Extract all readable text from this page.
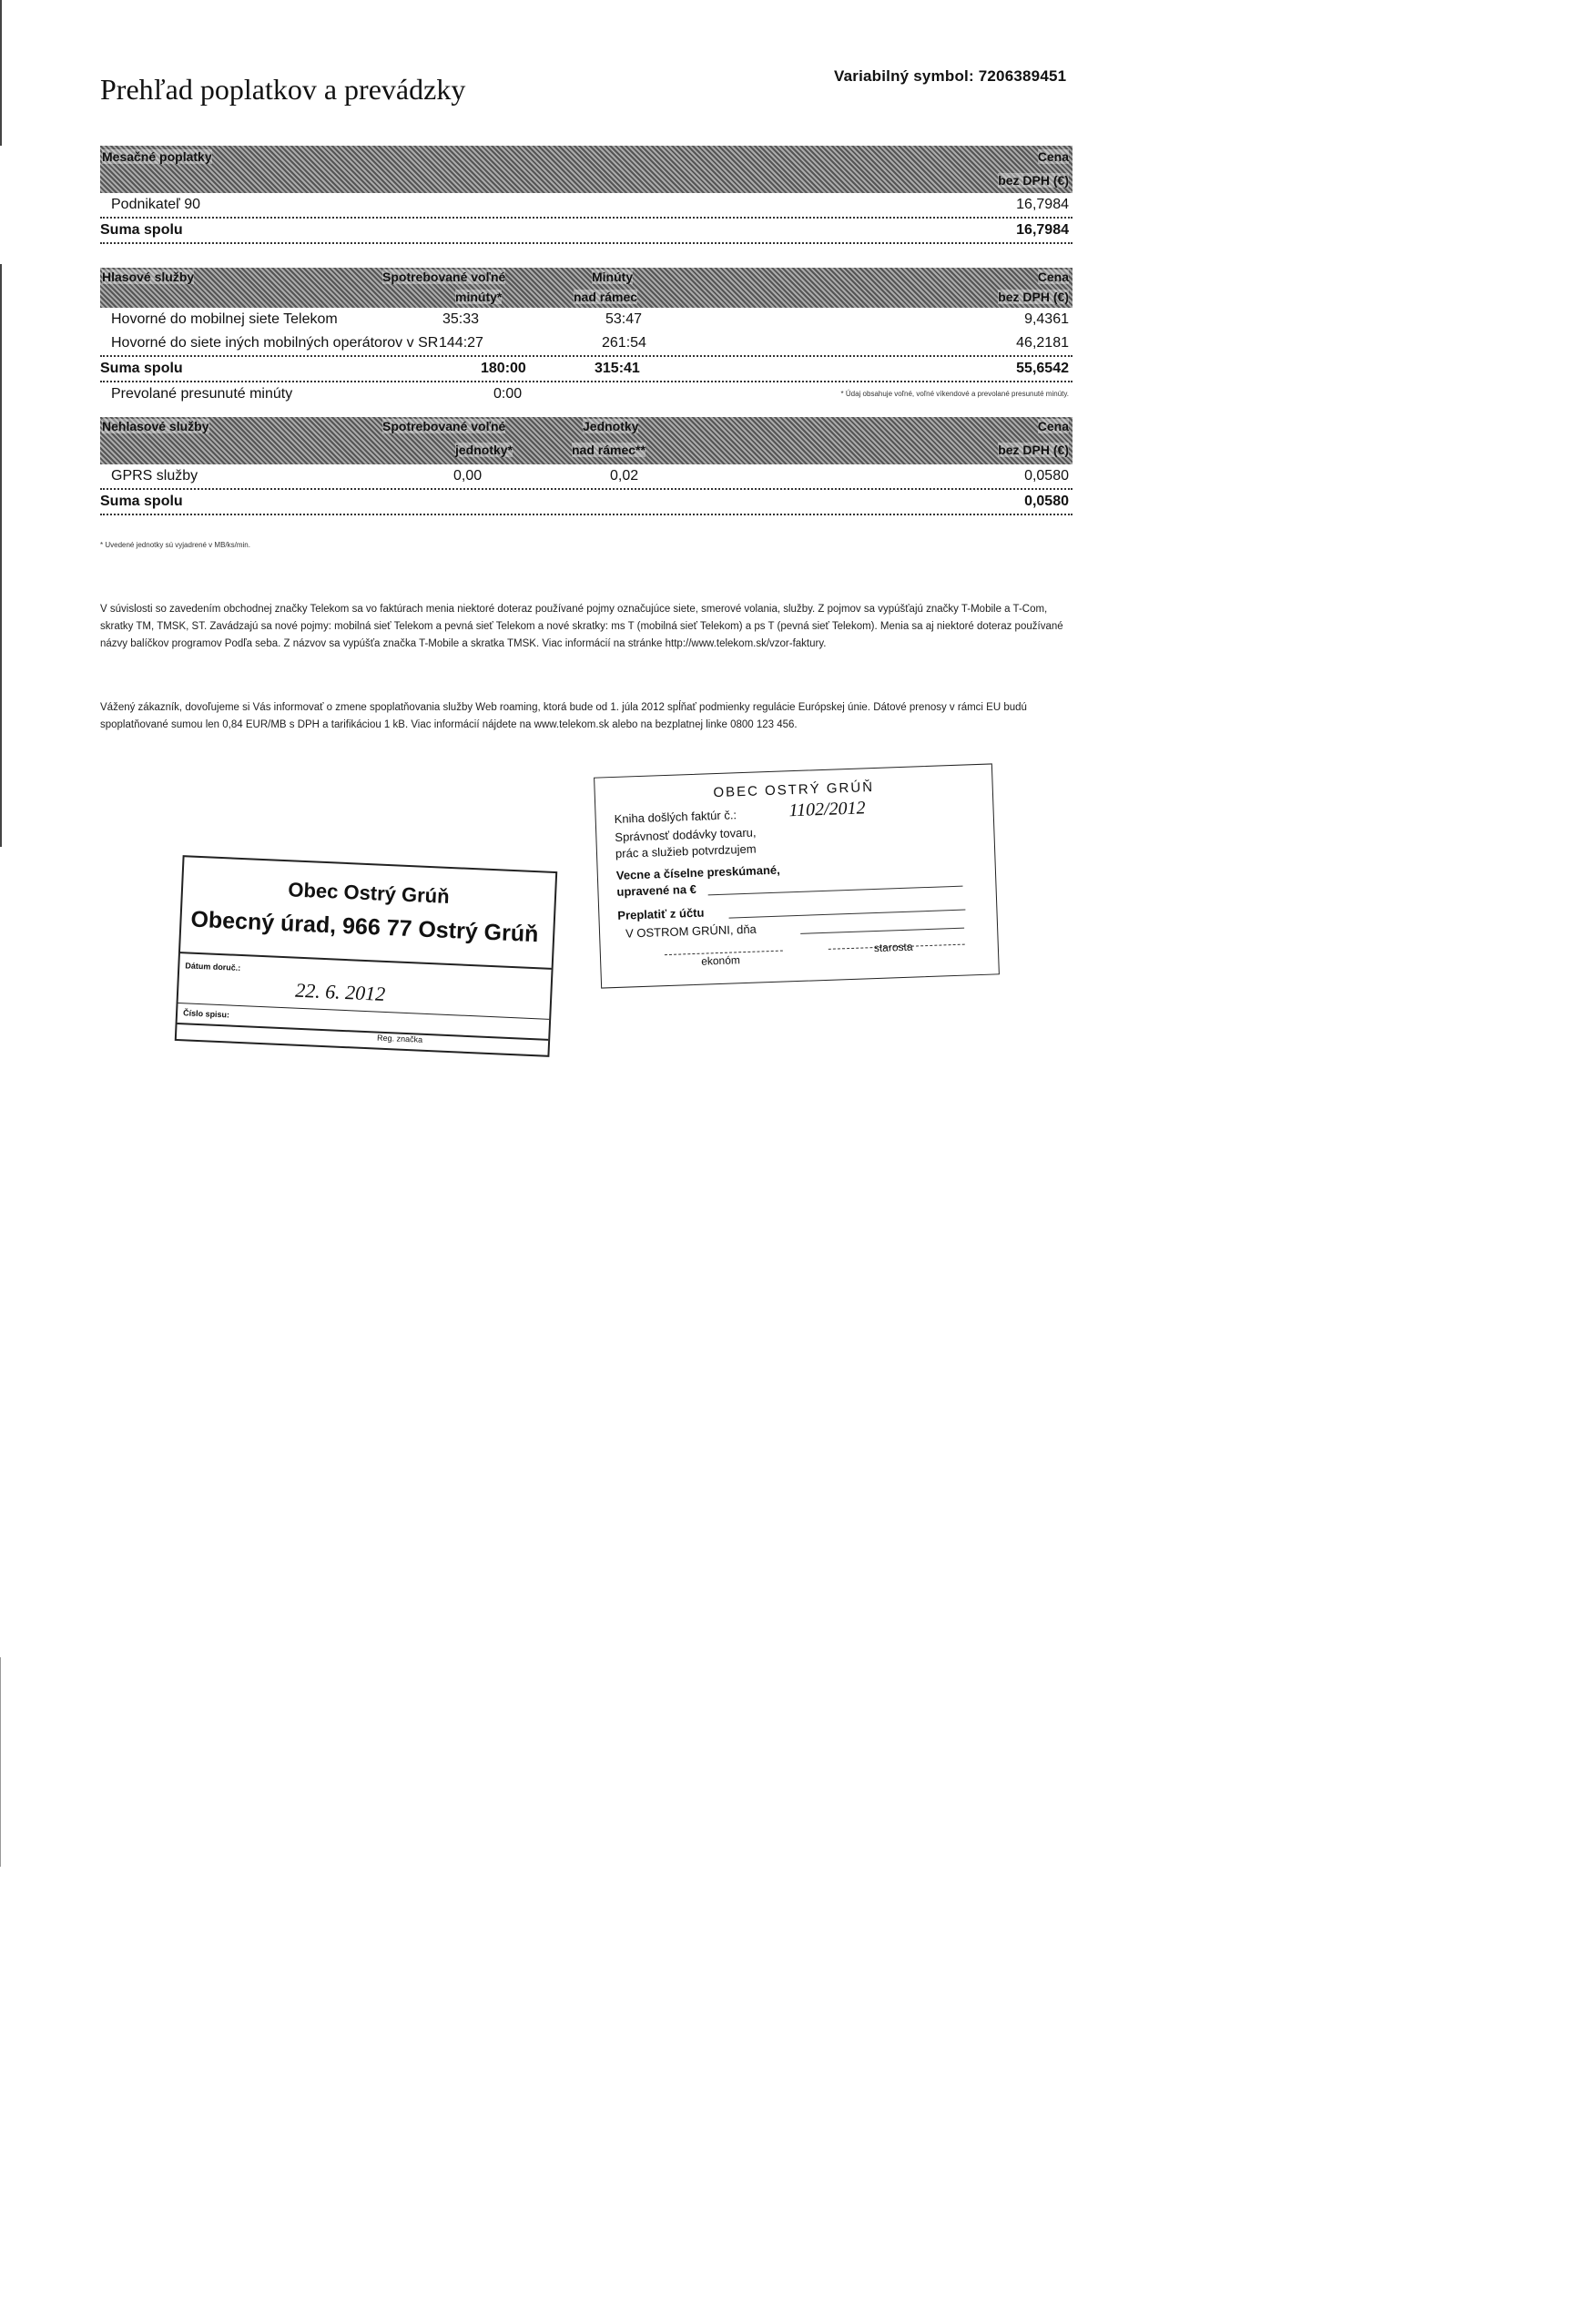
Prehľad poplatkov a prevádzky	Variabilný symbol: 7206389451
Mesačné poplatky	Cena
bez DPH (€)
Podnikateľ 90	16,7984
Suma spolu	16,7984
Hlasové služby	Spotrebované voľné
minúty*
Minúty
nad rámec
Cena
bez DPH (€)
Hovorné do mobilnej siete Telekom	35:33	53:47	9,4361
Hovorné do siete iných mobilných operátorov v SR 144:27	261:54	46,2181
Suma spolu	180:00	315:41	55,6542
Prevolané presunuté minúty	0:00	* Údaj obsahuje voľné, voľné víkendové a prevolané presunuté minúty.
Nehlasové služby	Spotrebované voľné
jednotky*
Jednotky
nad rámec**
Cena
bez DPH (€)
GPRS služby	0,00	0,02	0,0580
Suma spolu	0,0580
* Uvedené jednotky sú vyjadrené v MB/ks/min.
V súvislosti so zavedením obchodnej značky Telekom sa vo faktúrach menia niektoré doteraz používané pojmy označujúce siete, smerové volania, služby. Z pojmov sa vypúšťajú značky T-Mobile a T-Com, skratky TM, TMSK, ST. Zavádzajú sa nové pojmy: mobilná sieť Telekom a pevná sieť Telekom a nové skratky: ms T (mobilná sieť Telekom) a ps T (pevná sieť Telekom). Menia sa aj niektoré doteraz používané názvy balíčkov programov Podľa seba. Z názvov sa vypúšťa značka T-Mobile a skratka TMSK. Viac informácií na stránke http://www.telekom.sk/vzor-faktury.
Vážený zákazník, dovoľujeme si Vás informovať o zmene spoplatňovania služby Web roaming, ktorá bude od 1. júla 2012 spĺňať podmienky regulácie Európskej únie. Dátové prenosy v rámci EU budú spoplatňované sumou len 0,84 EUR/MB s DPH a tarifikáciou 1 kB. Viac informácií nájdete na www.telekom.sk alebo na bezplatnej linke 0800 123 456.
Obec Ostrý Grúň
Obecný úrad, 966 77 Ostrý Grúň
Dátum doruč.:
22. 6. 2012
Číslo spisu:
Reg. značka
OBEC OSTRÝ GRÚŇ
Kniha došlých faktúr č.:	1102/2012
Správnosť dodávky tovaru,
prác a služieb potvrdzujem
Vecne a číselne preskúmané,
upravené na €
Preplatiť z účtu
V OSTROM GRÚNI, dňa
ekonóm
starosta
